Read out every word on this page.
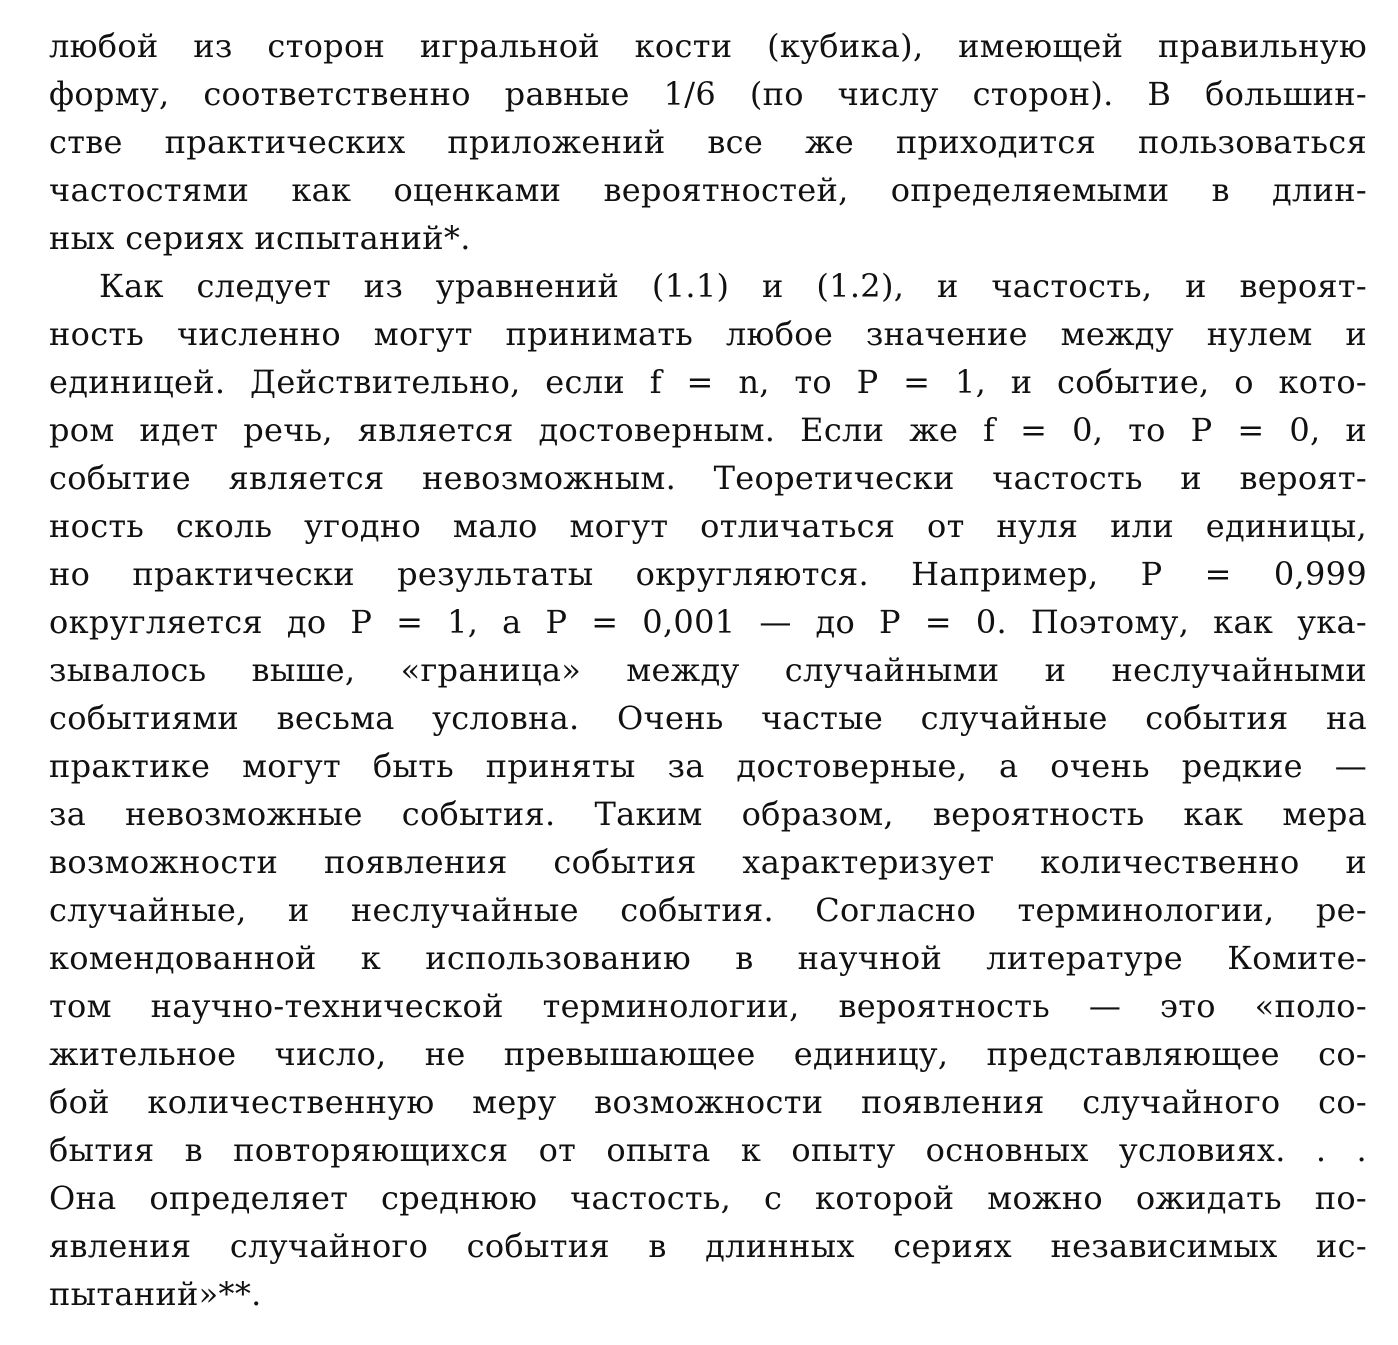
любой из сторон игральной кости (кубика), имеющей правильную
форму, соответственно равные 1/6 (по числу сторон). В большин-
стве практических приложений все же приходится пользоваться
частостями как оценками вероятностей, определяемыми в длин-
ных сериях испытаний*.
Как следует из уравнений (1.1) и (1.2), и частость, и вероят-
ность численно могут принимать любое значение между нулем и
единицей. Действительно, если f = n, то P = 1, и событие, о кото-
ром идет речь, является достоверным. Если же f = 0, то P = 0, и
событие является невозможным. Теоретически частость и вероят-
ность сколь угодно мало могут отличаться от нуля или единицы,
но практически результаты округляются. Например, P = 0,999
округляется до P = 1, а P = 0,001 — до P = 0. Поэтому, как ука-
зывалось выше, «граница» между случайными и неслучайными
событиями весьма условна. Очень частые случайные события на
практике могут быть приняты за достоверные, а очень редкие —
за невозможные события. Таким образом, вероятность как мера
возможности появления события характеризует количественно и
случайные, и неслучайные события. Согласно терминологии, ре-
комендованной к использованию в научной литературе Комите-
том научно-технической терминологии, вероятность — это «поло-
жительное число, не превышающее единицу, представляющее со-
бой количественную меру возможности появления случайного со-
бытия в повторяющихся от опыта к опыту основных условиях. . .
Она определяет среднюю частость, с которой можно ожидать по-
явления случайного события в длинных сериях независимых ис-
пытаний»**.
